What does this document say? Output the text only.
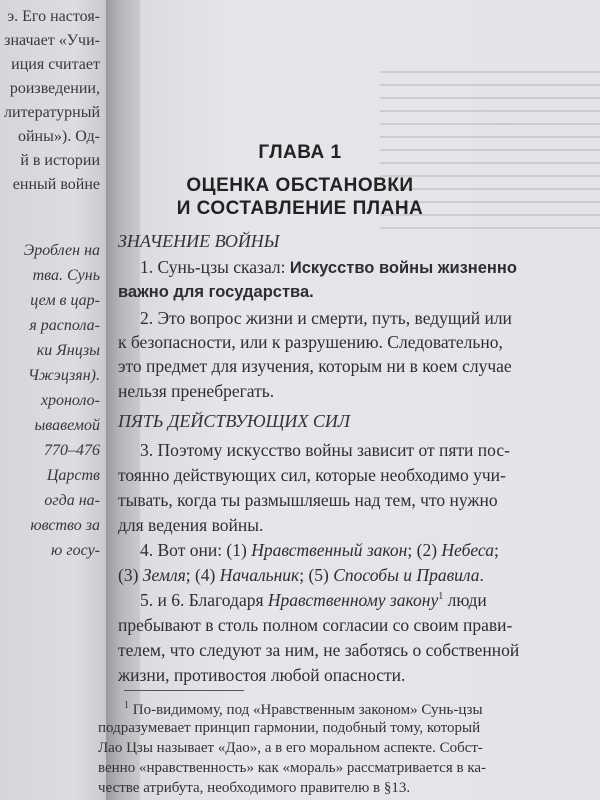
э. Его настоя-
значает «Учи-
иция считает
роизведении,
литературный
ойны»). Од-
й в истории
енный войне
Эроблен на
тва. Сунь
цем в цар-
я распола-
ки Янцзы
Чжэцзян).
хроноло-
ывавемой
770–476
Царств
огда на-
ювство за
ю госу-
ГЛАВА 1
ОЦЕНКА ОБСТАНОВКИ
И СОСТАВЛЕНИЕ ПЛАНА
ЗНАЧЕНИЕ ВОЙНЫ
1. Сунь-цзы сказал: Искусство войны жизненно
важно для государства.
2. Это вопрос жизни и смерти, путь, ведущий или
к безопасности, или к разрушению. Следовательно,
это предмет для изучения, которым ни в коем случае
нельзя пренебрегать.
ПЯТЬ ДЕЙСТВУЮЩИХ СИЛ
3. Поэтому искусство войны зависит от пяти пос-
тоянно действующих сил, которые необходимо учи-
тывать, когда ты размышляешь над тем, что нужно
для ведения войны.
4. Вот они: (1) Нравственный закон; (2) Небеса;
(3) Земля; (4) Начальник; (5) Способы и Правила.
5. и 6. Благодаря Нравственному закону$^1$ люди
пребывают в столь полном согласии со своим прави-
телем, что следуют за ним, не заботясь о собственной
жизни, противостоя любой опасности.
$^1$ По-видимому, под «Нравственным законом» Сунь-цзы
подразумевает принцип гармонии, подобный тому, который
Лао Цзы называет «Дао», а в его моральном аспекте. Собст-
венно «нравственность» как «мораль» рассматривается в ка-
честве атрибута, необходимого правителю в §13.
